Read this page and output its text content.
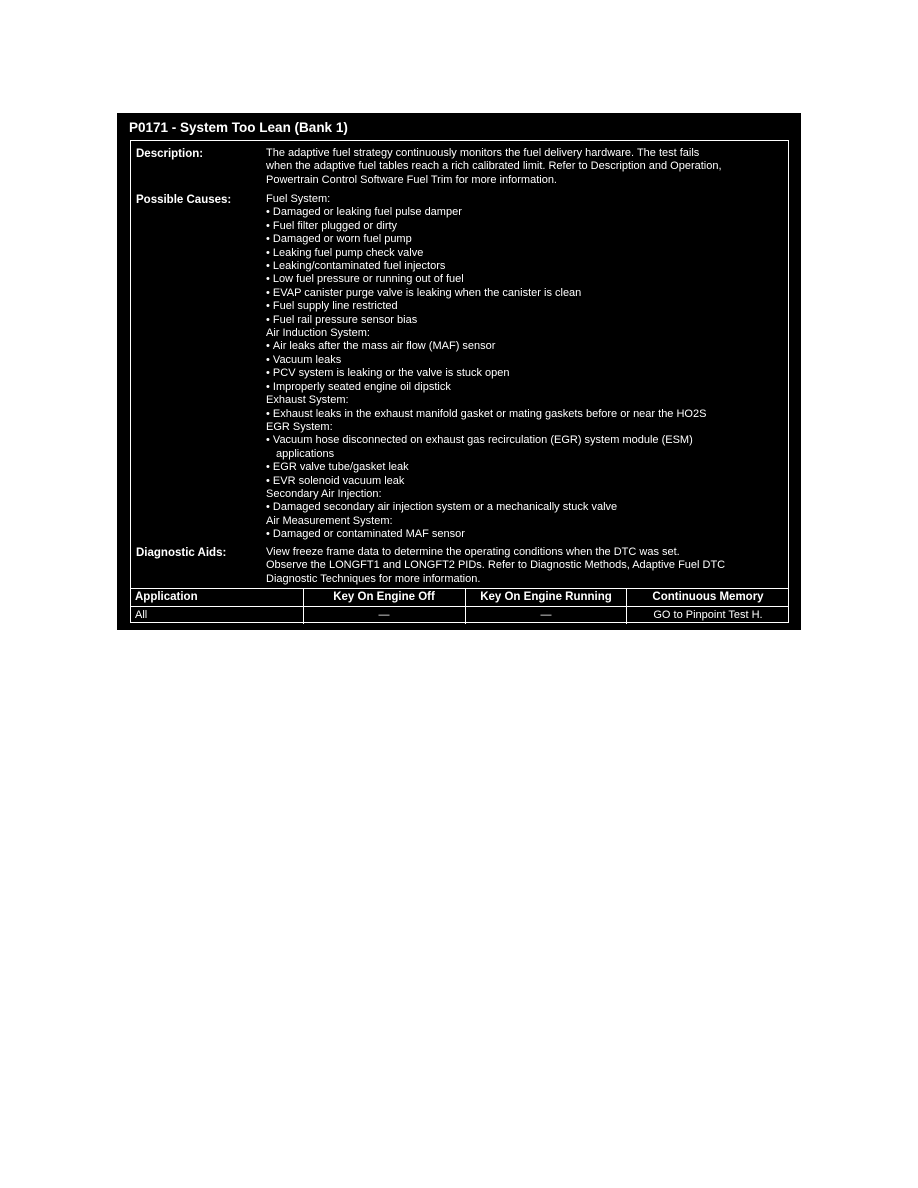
P0171 - System Too Lean (Bank 1)
Description:	The adaptive fuel strategy continuously monitors the fuel delivery hardware. The test fails
when the adaptive fuel tables reach a rich calibrated limit. Refer to Description and Operation,
Powertrain Control Software Fuel Trim for more information.
Possible Causes:	Fuel System:
• Damaged or leaking fuel pulse damper
• Fuel filter plugged or dirty
• Damaged or worn fuel pump
• Leaking fuel pump check valve
• Leaking/contaminated fuel injectors
• Low fuel pressure or running out of fuel
• EVAP canister purge valve is leaking when the canister is clean
• Fuel supply line restricted
• Fuel rail pressure sensor bias
Air Induction System:
• Air leaks after the mass air flow (MAF) sensor
• Vacuum leaks
• PCV system is leaking or the valve is stuck open
• Improperly seated engine oil dipstick
Exhaust System:
• Exhaust leaks in the exhaust manifold gasket or mating gaskets before or near the HO2S
EGR System:
• Vacuum hose disconnected on exhaust gas recirculation (EGR) system module (ESM)
applications
• EGR valve tube/gasket leak
• EVR solenoid vacuum leak
Secondary Air Injection:
• Damaged secondary air injection system or a mechanically stuck valve
Air Measurement System:
• Damaged or contaminated MAF sensor
Diagnostic Aids:	View freeze frame data to determine the operating conditions when the DTC was set.
Observe the LONGFT1 and LONGFT2 PIDs. Refer to Diagnostic Methods, Adaptive Fuel DTC
Diagnostic Techniques for more information.
Application	Key On Engine Off	Key On Engine Running	Continuous Memory
All	—	—	GO to Pinpoint Test H.
